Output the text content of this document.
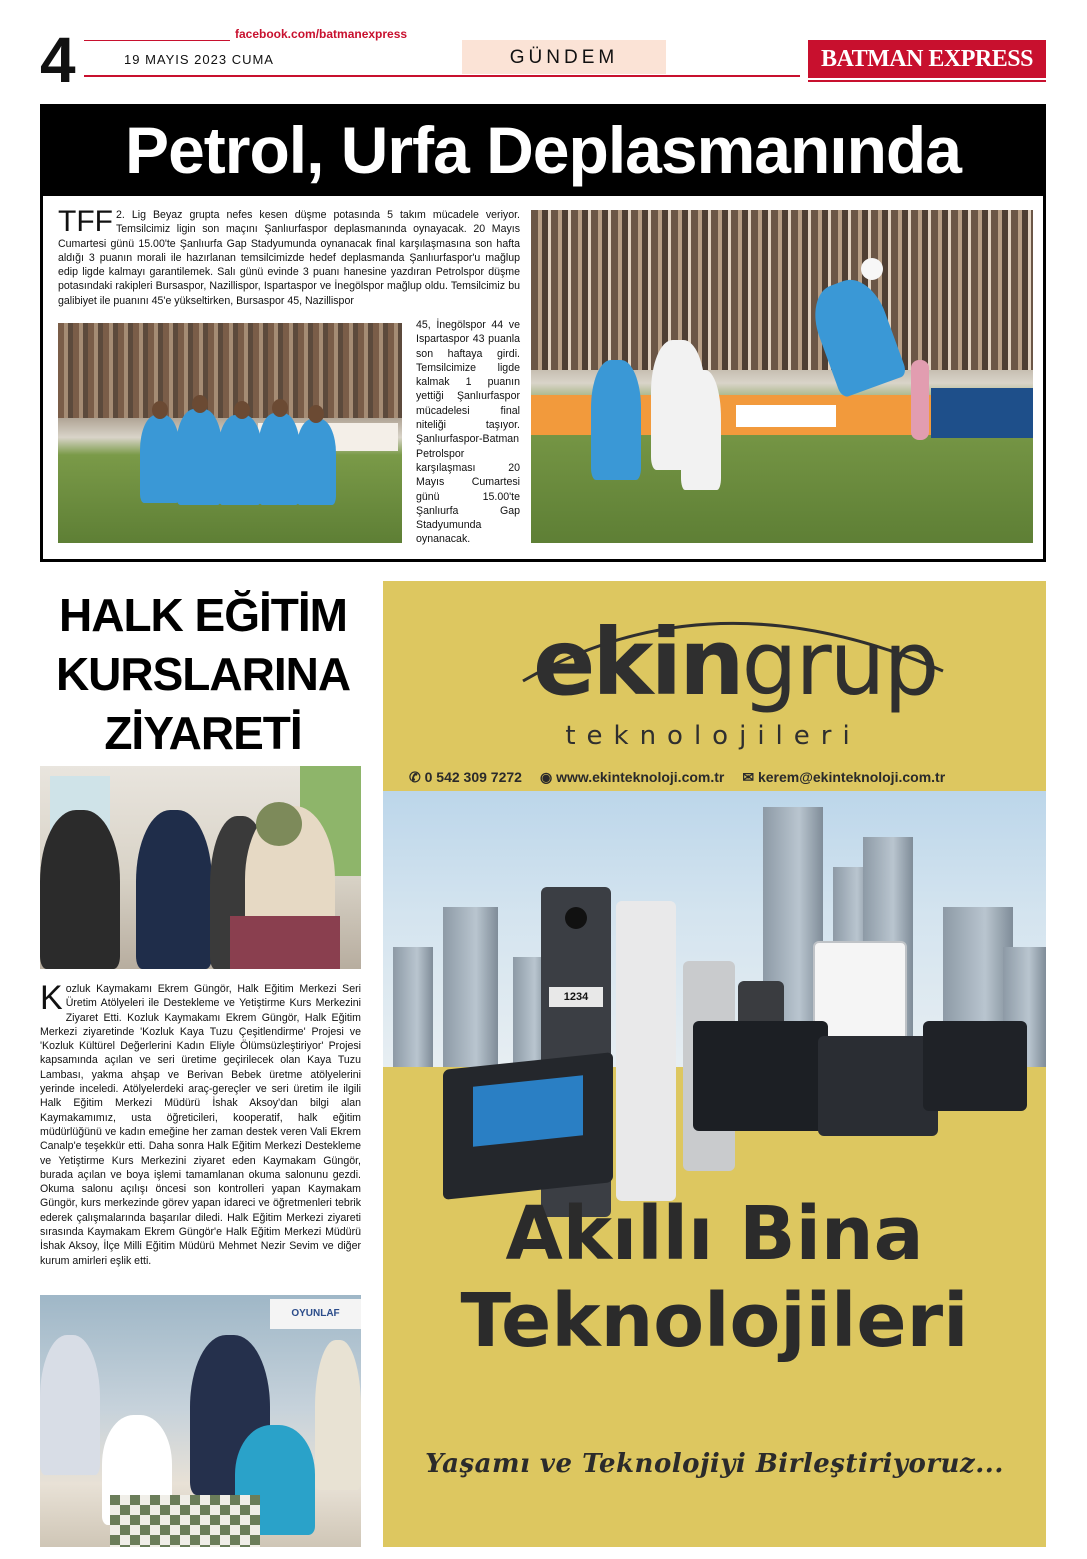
4	facebook.com/batmanexpress
19 MAYIS 2023 CUMA	GÜNDEM	BATMAN EXPRESS
Petrol, Urfa Deplasmanında
TFF 2. Lig Beyaz grupta nefes kesen düşme potasında 5 takım mücadele veriyor. Temsilcimiz ligin son maçını Şanlıurfaspor deplasmanında oynayacak. 20 Mayıs Cumartesi günü 15.00'te Şanlıurfa Gap Stadyumunda oynanacak final karşılaşmasına son hafta aldığı 3 puanın morali ile hazırlanan temsilcimizde hedef deplasmanda Şanlıurfaspor'u mağlup edip ligde kalmayı garantilemek. Salı günü evinde 3 puanı hanesine yazdıran Petrolspor düşme potasındaki rakipleri Bursaspor, Nazillispor, Ispartaspor ve İnegölspor mağlup oldu. Temsilcimiz bu galibiyet ile puanını 45'e yükseltirken, Bursaspor 45, Nazillispor
45, İnegölspor 44 ve Ispartaspor 43 puanla son haftaya girdi. Temsilcimize ligde kalmak 1 puanın yettiği Şanlıurfaspor mücadelesi final niteliği taşıyor. Şanlıurfaspor-Batman Petrolspor karşılaşması 20 Mayıs Cumartesi günü 15.00'te Şanlıurfa Gap Stadyumunda oynanacak.
HALK EĞİTİM
KURSLARINA
ZİYARETİ
Kozluk Kaymakamı Ekrem Güngör, Halk Eğitim Merkezi Seri Üretim Atölyeleri ile Destekleme ve Yetiştirme Kurs Merkezini Ziyaret Etti. Kozluk Kaymakamı Ekrem Güngör, Halk Eğitim Merkezi ziyaretinde 'Kozluk Kaya Tuzu Çeşitlendirme' Projesi ve 'Kozluk Kültürel Değerlerini Kadın Eliyle Ölümsüzleştiriyor' Projesi kapsamında açılan ve seri üretime geçirilecek olan Kaya Tuzu Lambası, yakma ahşap ve Berivan Bebek üretme atölyelerini yerinde inceledi. Atölyelerdeki araç-gereçler ve seri üretim ile ilgili Halk Eğitim Merkezi Müdürü İshak Aksoy'dan bilgi alan Kaymakamımız, usta öğreticileri, kooperatif, halk eğitim müdürlüğünü ve kadın emeğine her zaman destek veren Vali Ekrem Canalp'e teşekkür etti. Daha sonra Halk Eğitim Merkezi Destekleme ve Yetiştirme Kurs Merkezini ziyaret eden Kaymakam Güngör, burada açılan ve boya işlemi tamamlanan okuma salonunu gezdi. Okuma salonu açılışı öncesi son kontrolleri yapan Kaymakam Güngör, kurs merkezinde görev yapan idareci ve öğretmenleri tebrik ederek çalışmalarında başarılar diledi. Halk Eğitim Merkezi ziyareti sırasında Kaymakam Ekrem Güngör'e Halk Eğitim Merkezi Müdürü İshak Aksoy, İlçe Milli Eğitim Müdürü Mehmet Nezir Sevim ve diğer kurum amirleri eşlik etti.
OYUNLAF
ekingrup
teknolojileri
✆ 0 542 309 7272 ◉ www.ekinteknoloji.com.tr ✉ kerem@ekinteknoloji.com.tr
1234
Akıllı Bina
Teknolojileri
Yaşamı ve Teknolojiyi Birleştiriyoruz...
